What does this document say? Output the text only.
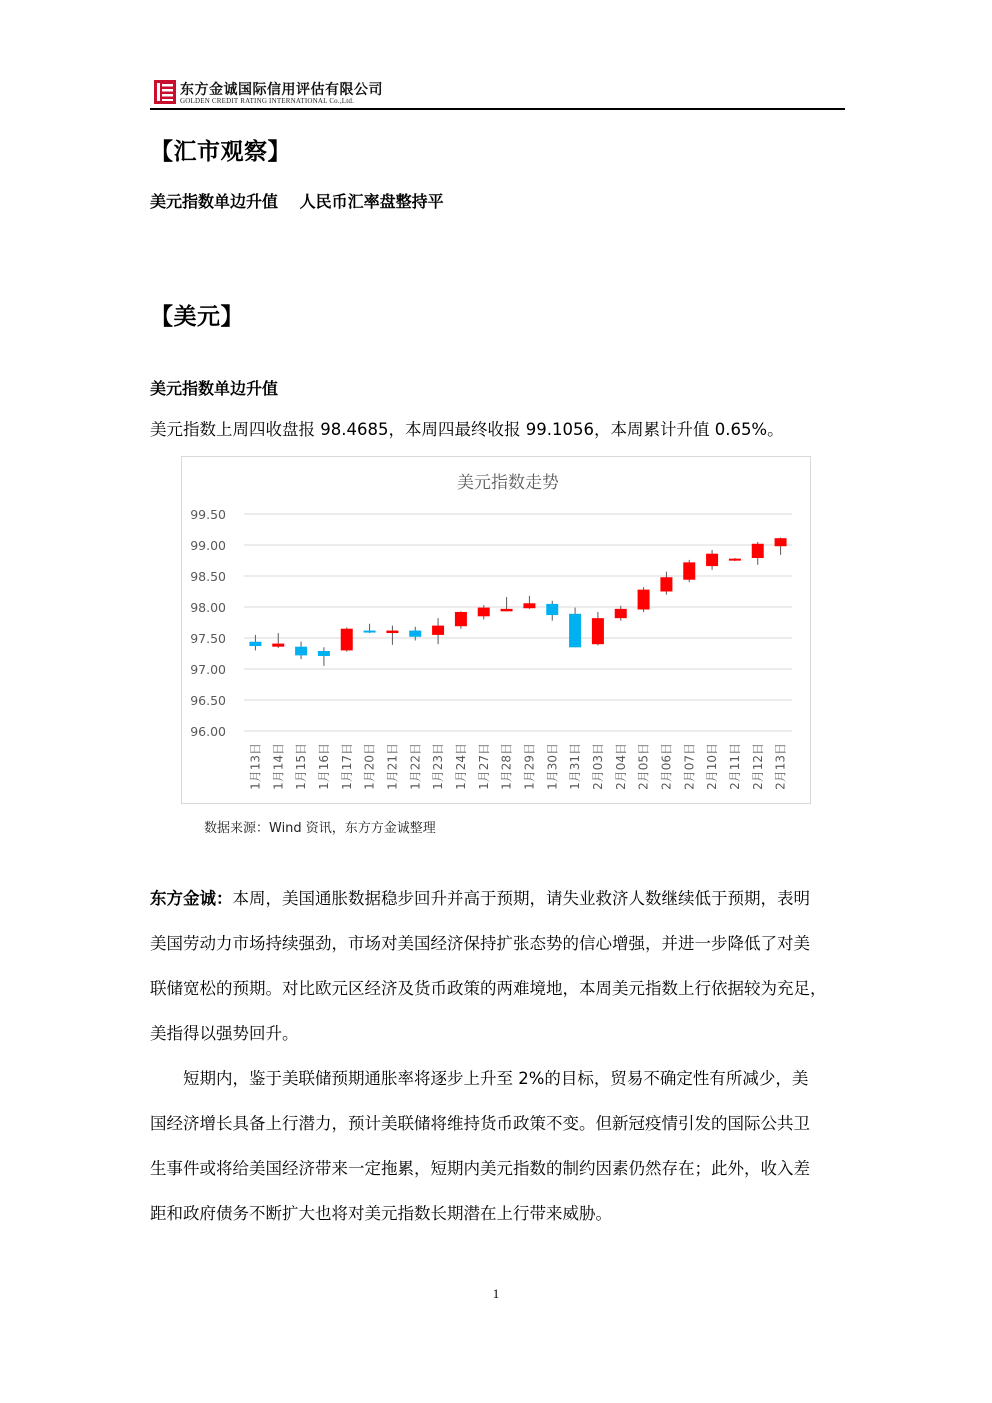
东方金诚国际信用评估有限公司
GOLDEN CREDIT RATING INTERNATIONAL Co.,Ltd.
【汇市观察】
美元指数单边升值　 人民币汇率盘整持平
【美元】
美元指数单边升值
美元指数上周四收盘报 98.4685，本周四最终收报 99.1056，本周累计升值 0.65%。
美元指数走势
99.50
99.00
98.50
98.00
97.50
97.00
96.50
96.00
1月13日 1月14日 1月15日 1月16日 1月17日 1月20日 1月21日 1月22日 1月23日 1月24日 1月27日 1月28日 1月29日 1月30日 1月31日 2月03日 2月04日 2月05日 2月06日 2月07日 2月10日 2月11日 2月12日 2月13日
数据来源：Wind 资讯，东方方金诚整理
东方金诚：本周，美国通胀数据稳步回升并高于预期，请失业救济人数继续低于预期，表明
美国劳动力市场持续强劲，市场对美国经济保持扩张态势的信心增强，并进一步降低了对美
联储宽松的预期。对比欧元区经济及货币政策的两难境地，本周美元指数上行依据较为充足，
美指得以强势回升。
短期内，鉴于美联储预期通胀率将逐步上升至 2%的目标，贸易不确定性有所减少，美
国经济增长具备上行潜力，预计美联储将维持货币政策不变。但新冠疫情引发的国际公共卫
生事件或将给美国经济带来一定拖累，短期内美元指数的制约因素仍然存在；此外，收入差
距和政府债务不断扩大也将对美元指数长期潜在上行带来威胁。
1
